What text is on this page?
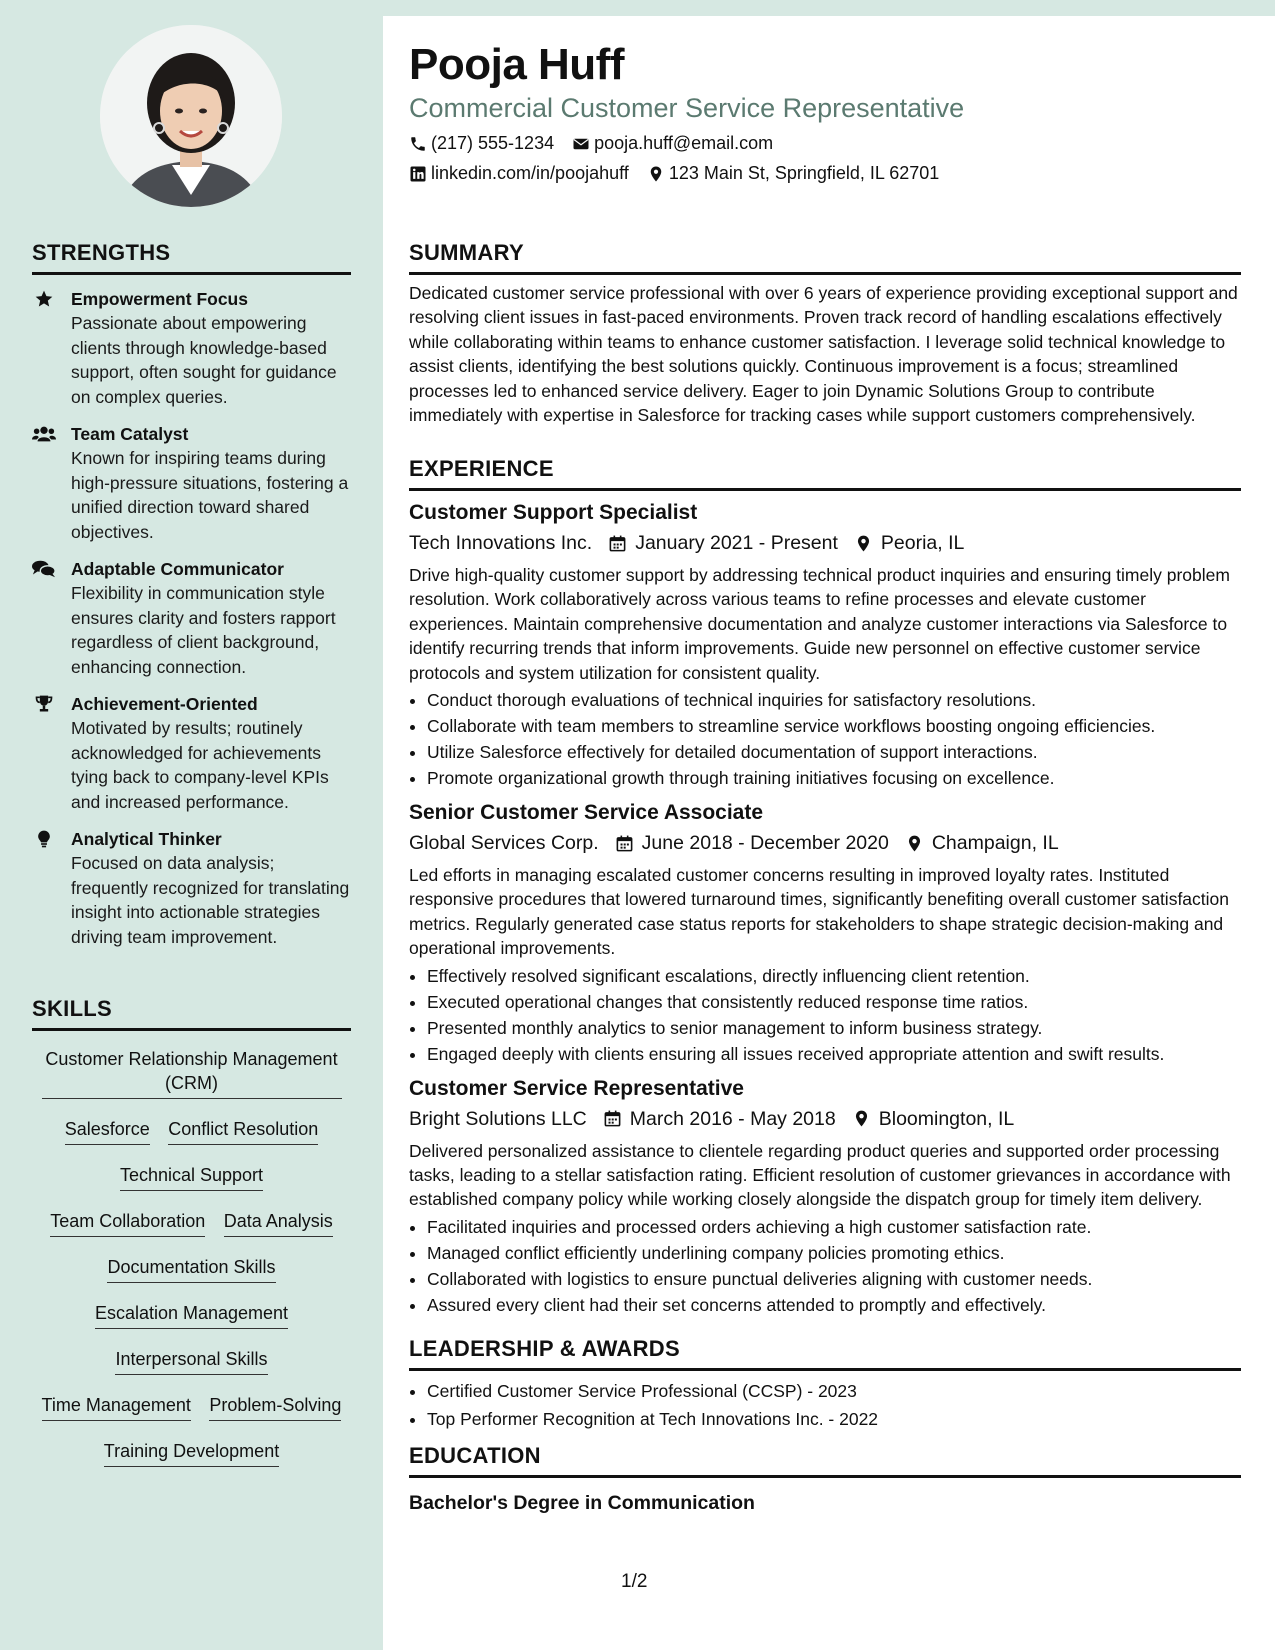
STRENGTHS
Empowerment Focus
Passionate about empowering clients through knowledge-based support, often sought for guidance on complex queries.
Team Catalyst
Known for inspiring teams during high-pressure situations, fostering a unified direction toward shared objectives.
Adaptable Communicator
Flexibility in communication style ensures clarity and fosters rapport regardless of client background, enhancing connection.
Achievement-Oriented
Motivated by results; routinely acknowledged for achievements tying back to company-level KPIs and increased performance.
Analytical Thinker
Focused on data analysis; frequently recognized for translating insight into actionable strategies driving team improvement.
SKILLS
Customer Relationship Management (CRM) Salesforce Conflict Resolution Technical Support Team Collaboration Data Analysis Documentation Skills Escalation Management Interpersonal Skills Time Management Problem-Solving Training Development
Pooja Huff
Commercial Customer Service Representative
(217) 555-1234 pooja.huff@email.com
linkedin.com/in/poojahuff 123 Main St, Springfield, IL 62701
SUMMARY
Dedicated customer service professional with over 6 years of experience providing exceptional support and resolving client issues in fast-paced environments. Proven track record of handling escalations effectively while collaborating within teams to enhance customer satisfaction. I leverage solid technical knowledge to assist clients, identifying the best solutions quickly. Continuous improvement is a focus; streamlined processes led to enhanced service delivery. Eager to join Dynamic Solutions Group to contribute immediately with expertise in Salesforce for tracking cases while support customers comprehensively.
EXPERIENCE
Customer Support Specialist
Tech Innovations Inc. January 2021 - Present Peoria, IL
Drive high-quality customer support by addressing technical product inquiries and ensuring timely problem resolution. Work collaboratively across various teams to refine processes and elevate customer experiences. Maintain comprehensive documentation and analyze customer interactions via Salesforce to identify recurring trends that inform improvements. Guide new personnel on effective customer service protocols and system utilization for consistent quality.
• Conduct thorough evaluations of technical inquiries for satisfactory resolutions.
• Collaborate with team members to streamline service workflows boosting ongoing efficiencies.
• Utilize Salesforce effectively for detailed documentation of support interactions.
• Promote organizational growth through training initiatives focusing on excellence.
Senior Customer Service Associate
Global Services Corp. June 2018 - December 2020 Champaign, IL
Led efforts in managing escalated customer concerns resulting in improved loyalty rates. Instituted responsive procedures that lowered turnaround times, significantly benefiting overall customer satisfaction metrics. Regularly generated case status reports for stakeholders to shape strategic decision-making and operational improvements.
• Effectively resolved significant escalations, directly influencing client retention.
• Executed operational changes that consistently reduced response time ratios.
• Presented monthly analytics to senior management to inform business strategy.
• Engaged deeply with clients ensuring all issues received appropriate attention and swift results.
Customer Service Representative
Bright Solutions LLC March 2016 - May 2018 Bloomington, IL
Delivered personalized assistance to clientele regarding product queries and supported order processing tasks, leading to a stellar satisfaction rating. Efficient resolution of customer grievances in accordance with established company policy while working closely alongside the dispatch group for timely item delivery.
• Facilitated inquiries and processed orders achieving a high customer satisfaction rate.
• Managed conflict efficiently underlining company policies promoting ethics.
• Collaborated with logistics to ensure punctual deliveries aligning with customer needs.
• Assured every client had their set concerns attended to promptly and effectively.
LEADERSHIP & AWARDS
• Certified Customer Service Professional (CCSP) - 2023
• Top Performer Recognition at Tech Innovations Inc. - 2022
EDUCATION
Bachelor's Degree in Communication
1/2
